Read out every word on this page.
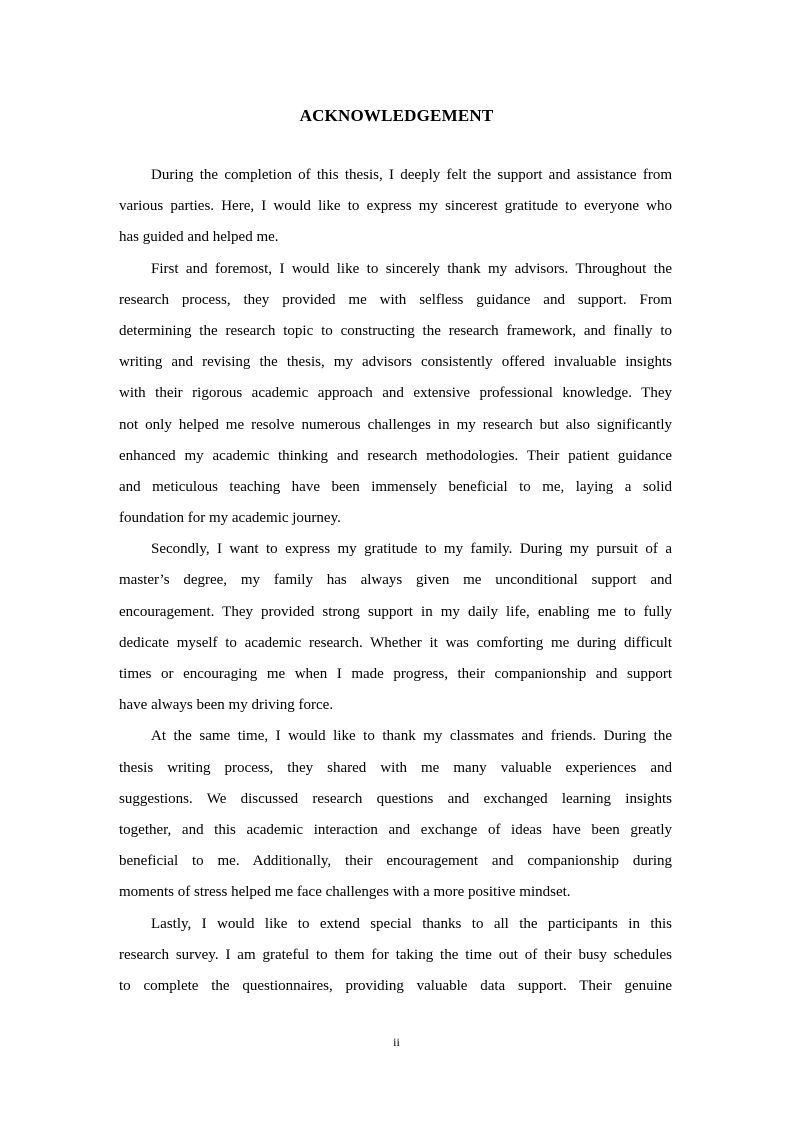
ACKNOWLEDGEMENT
During the completion of this thesis, I deeply felt the support and assistance from
various parties. Here, I would like to express my sincerest gratitude to everyone who
has guided and helped me.
First and foremost, I would like to sincerely thank my advisors. Throughout the
research process, they provided me with selfless guidance and support. From
determining the research topic to constructing the research framework, and finally to
writing and revising the thesis, my advisors consistently offered invaluable insights
with their rigorous academic approach and extensive professional knowledge. They
not only helped me resolve numerous challenges in my research but also significantly
enhanced my academic thinking and research methodologies. Their patient guidance
and meticulous teaching have been immensely beneficial to me, laying a solid
foundation for my academic journey.
Secondly, I want to express my gratitude to my family. During my pursuit of a
master’s degree, my family has always given me unconditional support and
encouragement. They provided strong support in my daily life, enabling me to fully
dedicate myself to academic research. Whether it was comforting me during difficult
times or encouraging me when I made progress, their companionship and support
have always been my driving force.
At the same time, I would like to thank my classmates and friends. During the
thesis writing process, they shared with me many valuable experiences and
suggestions. We discussed research questions and exchanged learning insights
together, and this academic interaction and exchange of ideas have been greatly
beneficial to me. Additionally, their encouragement and companionship during
moments of stress helped me face challenges with a more positive mindset.
Lastly, I would like to extend special thanks to all the participants in this
research survey. I am grateful to them for taking the time out of their busy schedules
to complete the questionnaires, providing valuable data support. Their genuine
ii
